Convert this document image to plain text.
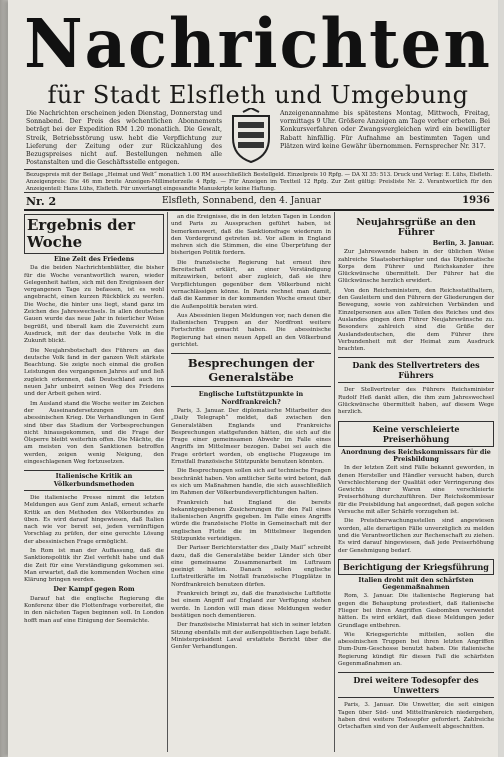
Nachrichten
für Stadt Elsfleth und Umgebung
Die Nachrichten erscheinen jeden Dienstag, Donnerstag und Sonnabend. Der Preis des wöchentlichen Abonnements beträgt bei der Expedition RM 1.20 monatlich. Die Gewalt, Streik, Betriebsstörung usw. hebt die Verpflichtung zur Lieferung der Zeitung oder zur Rückzahlung des Bezugspreises nicht auf. Bestellungen nehmen alle Postanstalten und die Geschäftsstelle entgegen.
Anzeigenannahme bis spätestens Montag, Mittwoch, Freitag, vormittags 9 Uhr. Größere Anzeigen am Tage vorher erbeten. Bei Konkursverfahren oder Zwangsvergleichen wird ein bewilligter Rabatt hinfällig. Für Aufnahme an bestimmten Tagen und Plätzen wird keine Gewähr übernommen. Fernsprecher Nr. 317.
Bezugspreis mit der Beilage „Heimat und Welt“ monatlich 1.00 RM ausschließlich Bestellgeld. Einzelpreis 10 Rpfg. — DA XI 35: 513. Druck und Verlag: E. Lühs, Elsfleth. Anzeigenpreis: Die 46 mm breite Anzeigen-Millimeterzeile 4 Rpfg. — Für Anzeigen im Textteil 12 Rpfg. Zur Zeit gültig: Preisliste Nr. 2. Verantwortlich für den Anzeigenteil: Hans Lühs, Elsfleth. Für unverlangt eingesandte Manuskripte keine Haftung.
Nr. 2	Elsfleth, Sonnabend, den 4. Januar	1936
Ergebnis der Woche
Eine Zeit des Friedens

Da die beiden Nachrichtenblätter, die bisher für die Woche verantwortlich waren, wieder Gelegenheit hatten, sich mit den Ereignissen der vergangenen Tage zu befassen, ist es wohl angebracht, einen kurzen Rückblick zu werfen. Die Woche, die hinter uns liegt, stand ganz im Zeichen des Jahreswechsels. In allen deutschen Gauen wurde das neue Jahr in feierlicher Weise begrüßt, und überall kam die Zuversicht zum Ausdruck, mit der das deutsche Volk in die Zukunft blickt.

Die Neujahrsbotschaft des Führers an das deutsche Volk fand in der ganzen Welt stärkste Beachtung. Sie zeigte noch einmal die großen Leistungen des vergangenen Jahres auf und ließ zugleich erkennen, daß Deutschland auch im neuen Jahr unbeirrt seinen Weg des Friedens und der Arbeit gehen wird.

Im Ausland stand die Woche weiter im Zeichen der Auseinandersetzungen um den abessinischen Krieg. Die Verhandlungen in Genf sind über das Stadium der Vorbesprechungen nicht hinausgekommen, und die Frage der Ölsperre bleibt weiterhin offen. Die Mächte, die am meisten von den Sanktionen betroffen werden, zeigen wenig Neigung, den eingeschlagenen Weg fortzusetzen.

Italienische Kritik an Völkerbundsmethoden

Die italienische Presse nimmt die letzten Meldungen aus Genf zum Anlaß, erneut scharfe Kritik an den Methoden des Völkerbundes zu üben. Es wird darauf hingewiesen, daß Italien nach wie vor bereit sei, jeden vernünftigen Vorschlag zu prüfen, der eine gerechte Lösung der abessinischen Frage ermöglicht.

In Rom ist man der Auffassung, daß die Sanktionspolitik ihr Ziel verfehlt habe und daß die Zeit für eine Verständigung gekommen sei. Man erwartet, daß die kommenden Wochen eine Klärung bringen werden.

Der Kampf gegen Rom

Darauf hat die englische Regierung die Konferenz über die Flottenfrage vorbereitet, die in den nächsten Tagen beginnen soll. In London hofft man auf eine Einigung der Seemächte.

an die Ereignisse, die in den letzten Tagen in London und Paris zu Aussprachen geführt haben, ist bemerkenswert, daß die Sanktionsfrage wiederum in den Vordergrund getreten ist. Vor allem in England mehren sich die Stimmen, die eine Überprüfung der bisherigen Politik fordern.

Die französische Regierung hat erneut ihre Bereitschaft erklärt, an einer Verständigung mitzuwirken, betont aber zugleich, daß sie ihre Verpflichtungen gegenüber dem Völkerbund nicht vernachlässigen könne. In Paris rechnet man damit, daß die Kammer in der kommenden Woche erneut über die Außenpolitik beraten wird.

Aus Abessinien liegen Meldungen vor, nach denen die italienischen Truppen an der Nordfront weitere Fortschritte gemacht haben. Die abessinische Regierung hat einen neuen Appell an den Völkerbund gerichtet.

Besprechungen der Generalstäbe
Englische Luftstützpunkte in Nordfrankreich?

Paris, 3. Januar. Der diplomatische Mitarbeiter des „Daily Telegraph“ meldet, daß zwischen den Generalstäben Englands und Frankreichs Besprechungen stattgefunden hätten, die sich auf die Frage einer gemeinsamen Abwehr im Falle eines Angriffs im Mittelmeer bezogen. Dabei sei auch die Frage erörtert worden, ob englische Flugzeuge im Ernstfall französische Stützpunkte benutzen könnten.

Die Besprechungen sollen sich auf technische Fragen beschränkt haben. Von amtlicher Seite wird betont, daß es sich um Maßnahmen handle, die sich ausschließlich im Rahmen der Völkerbundsverpflichtungen halten.

Frankreich hat England die bereits bekanntgegebenen Zusicherungen für den Fall eines italienischen Angriffs gegeben. Im Falle eines Angriffs würde die französische Flotte in Gemeinschaft mit der englischen Flotte die im Mittelmeer liegenden Stützpunkte verteidigen.

Der Pariser Berichterstatter des „Daily Mail“ schreibt dazu, daß die Generalstäbe beider Länder sich über eine gemeinsame Zusammenarbeit im Luftraum geeinigt hätten. Danach sollen englische Luftstreitkräfte im Notfall französische Flugplätze in Nordfrankreich benutzen dürfen.

Frankreich bringt zu, daß die französische Luftflotte bei einem Angriff auf England zur Verfügung stehen werde. In London will man diese Meldungen weder bestätigen noch dementieren.

Der französische Ministerrat hat sich in seiner letzten Sitzung ebenfalls mit der außenpolitischen Lage befaßt. Ministerpräsident Laval erstattete Bericht über die Genfer Verhandlungen.

Neujahrsgrüße an den Führer
Berlin, 3. Januar.

Zur Jahreswende haben in der üblichen Weise zahlreiche Staatsoberhäupter und das Diplomatische Korps dem Führer und Reichskanzler ihre Glückwünsche übermittelt. Der Führer hat die Glückwünsche herzlich erwidert.

Von den Reichsministern, den Reichsstatthaltern, den Gauleitern und den Führern der Gliederungen der Bewegung, sowie von zahlreichen Verbänden und Einzelpersonen aus allen Teilen des Reiches und des Auslandes gingen dem Führer Neujahrswünsche zu. Besonders zahlreich sind die Grüße der Auslandsdeutschen, die dem Führer ihre Verbundenheit mit der Heimat zum Ausdruck brachten.

Dank des Stellvertreters des Führers

Der Stellvertreter des Führers Reichsminister Rudolf Heß dankt allen, die ihm zum Jahreswechsel Glückwünsche übermittelt haben, auf diesem Wege herzlich.

Keine verschleierte Preiserhöhung
Anordnung des Reichskommissars für die Preisbildung

In der letzten Zeit sind Fälle bekannt geworden, in denen Hersteller und Händler versucht haben, durch Verschlechterung der Qualität oder Verringerung des Gewichts ihrer Waren eine verschleierte Preiserhöhung durchzuführen. Der Reichskommissar für die Preisbildung hat angeordnet, daß gegen solche Versuche mit aller Schärfe vorzugehen ist.

Die Preisüberwachungsstellen sind angewiesen worden, alle derartigen Fälle unverzüglich zu melden und die Verantwortlichen zur Rechenschaft zu ziehen. Es wird darauf hingewiesen, daß jede Preiserhöhung der Genehmigung bedarf.

Berichtigung der Kriegsführung
Italien droht mit den schärfsten Gegenmaßnahmen

Rom, 3. Januar. Die italienische Regierung hat gegen die Behauptung protestiert, daß italienische Flieger bei ihren Angriffen Gasbomben verwendet hätten. Es wird erklärt, daß diese Meldungen jeder Grundlage entbehren.

Wie Kriegsgerichte mitteilen, sollen die abessinischen Truppen bei ihren letzten Angriffen Dum-Dum-Geschosse benutzt haben. Die italienische Regierung kündigt für diesen Fall die schärfsten Gegenmaßnahmen an.

Drei weitere Todesopfer des Unwetters

Paris, 3. Januar. Die Unwetter, die seit einigen Tagen über Süd- und Mittelfrankreich niedergehen, haben drei weitere Todesopfer gefordert. Zahlreiche Ortschaften sind von der Außenwelt abgeschnitten.
